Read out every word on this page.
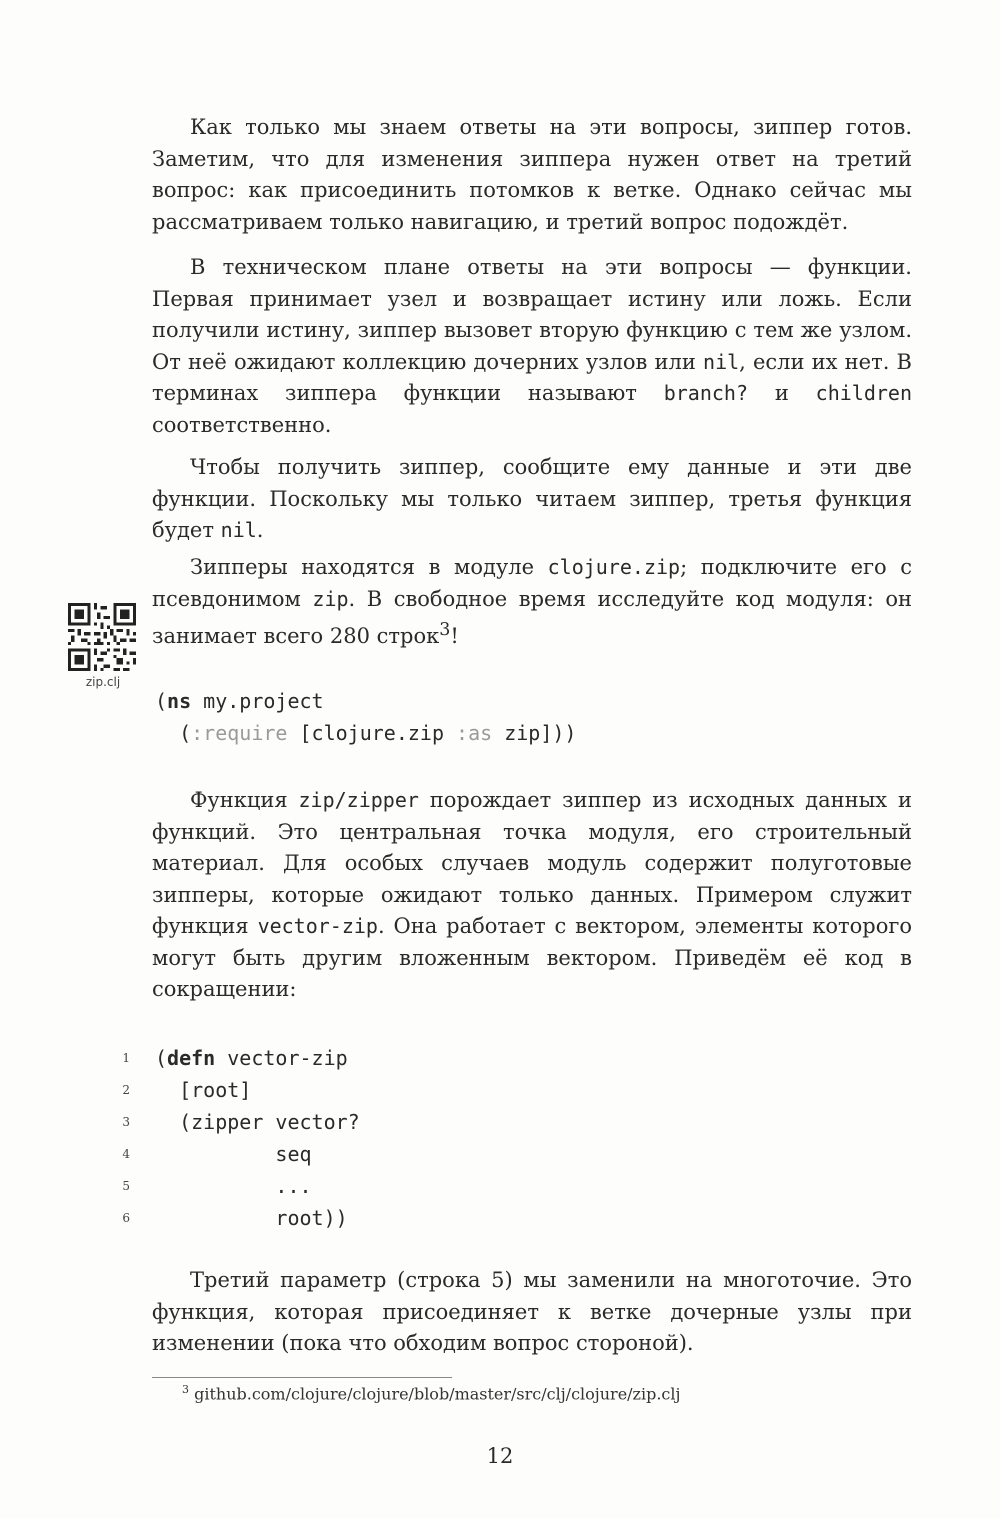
Как только мы знаем ответы на эти вопросы, зиппер готов. Заметим, что для изменения зиппера нужен ответ на третий вопрос: как присоединить потомков к ветке. Однако сейчас мы рассматриваем только навигацию, и третий вопрос подождёт.

В техническом плане ответы на эти вопросы — функции. Первая принимает узел и возвращает истину или ложь. Если получили истину, зиппер вызовет вторую функцию с тем же узлом. От неё ожидают коллекцию дочерних узлов или nil, если их нет. В терминах зиппера функции называют branch? и children соответственно.

Чтобы получить зиппер, сообщите ему данные и эти две функции. Поскольку мы только читаем зиппер, третья функция будет nil.

Зипперы находятся в модуле clojure.zip; подключите его с псевдонимом zip. В свободное время исследуйте код модуля: он занимает всего 280 строк$^3$!

zip.clj
(ns my.project
(:require [clojure.zip :as zip]))

Функция zip/zipper порождает зиппер из исходных данных и функций. Это центральная точка модуля, его строительный материал. Для особых случаев модуль содержит полуготовые зипперы, которые ожидают только данных. Примером служит функция vector-zip. Она работает с вектором, элементы которого могут быть другим вложенным вектором. Приведём её код в сокращении:

1
2
3
4
5
6
(defn vector-zip
[root]
(zipper vector?
seq
...
root))

Третий параметр (строка 5) мы заменили на многоточие. Это функция, которая присоединяет к ветке дочерные узлы при изменении (пока что обходим вопрос стороной).

$^3$ github.com/clojure/clojure/blob/master/src/clj/clojure/zip.clj
12
